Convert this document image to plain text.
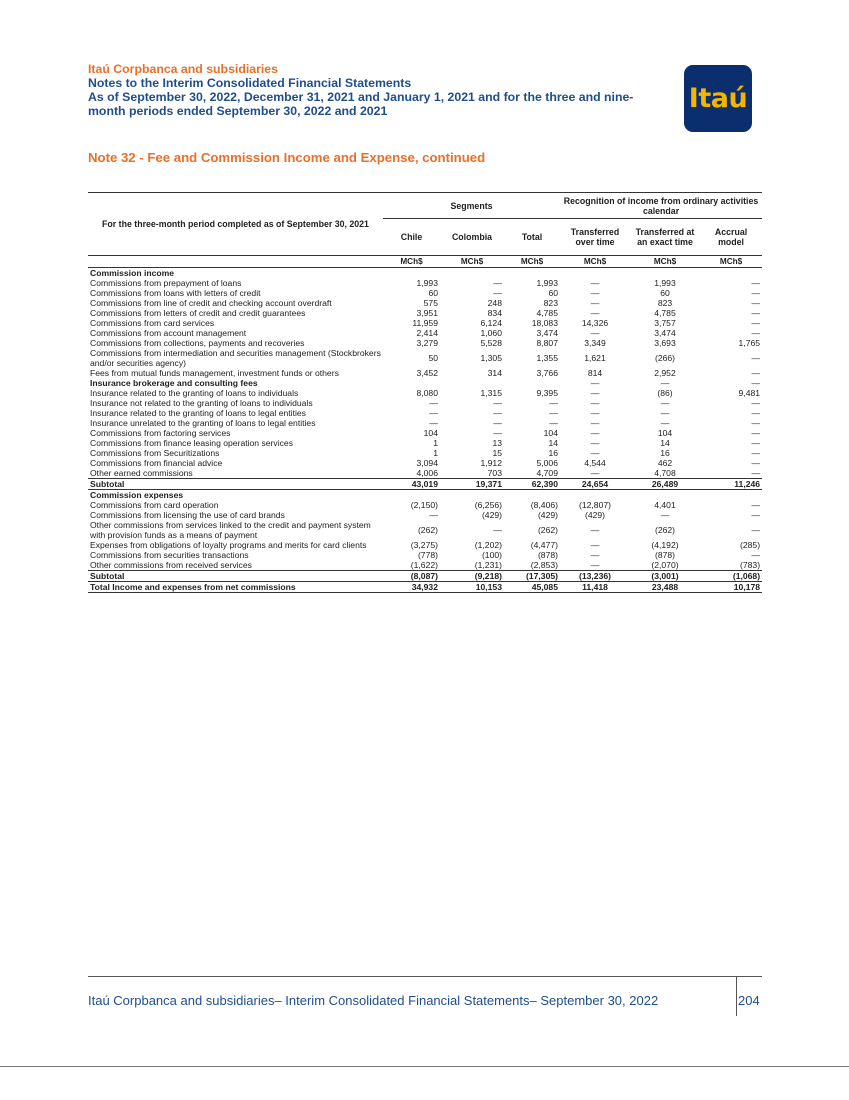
Itaú Corpbanca and subsidiaries
Notes to the Interim Consolidated Financial Statements
As of September 30, 2022, December 31, 2021 and January 1, 2021 and for the three and nine-
month periods ended September 30, 2022 and 2021	Itaú
Note 32 - Fee and Commission Income and Expense, continued

For the three-month period completed as of September 30, 2021	Segments			Recognition of income from ordinary activities calendar		
	Chile	Colombia	Total	Transferred over time	Transferred at an exact time	Accrual model
	MCh$	MCh$	MCh$	MCh$	MCh$	MCh$
Commission income						
Commissions from prepayment of loans	1,993	—	1,993	—	1,993	—
Commissions from loans with letters of credit	60	—	60	—	60	—
Commissions from line of credit and checking account overdraft	575	248	823	—	823	—
Commissions from letters of credit and credit guarantees	3,951	834	4,785	—	4,785	—
Commissions from card services	11,959	6,124	18,083	14,326	3,757	—
Commissions from account management	2,414	1,060	3,474	—	3,474	—
Commissions from collections, payments and recoveries	3,279	5,528	8,807	3,349	3,693	1,765
Commissions from intermediation and securities management (Stockbrokers and/or securities agency)	50	1,305	1,355	1,621	(266)	—
Fees from mutual funds management, investment funds or others	3,452	314	3,766	814	2,952	—
Insurance brokerage and consulting fees				—	—	—
Insurance related to the granting of loans to individuals	8,080	1,315	9,395	—	(86)	9,481
Insurance not related to the granting of loans to individuals	—	—	—	—	—	—
Insurance related to the granting of loans to legal entities	—	—	—	—	—	—
Insurance unrelated to the granting of loans to legal entities	—	—	—	—	—	—
Commissions from factoring services	104	—	104	—	104	—
Commissions from finance leasing operation services	1	13	14	—	14	—
Commissions from Securitizations	1	15	16	—	16	—
Commissions from financial advice	3,094	1,912	5,006	4,544	462	—
Other earned commissions	4,006	703	4,709	—	4,708	—
Subtotal	43,019	19,371	62,390	24,654	26,489	11,246
Commission expenses						
Commissions from card operation	(2,150)	(6,256)	(8,406)	(12,807)	4,401	—
Commissions from licensing the use of card brands	—	(429)	(429)	(429)	—	—
Other commissions from services linked to the credit and payment system with provision funds as a means of payment	(262)	—	(262)	—	(262)	—
Expenses from obligations of loyalty programs and merits for card clients	(3,275)	(1,202)	(4,477)	—	(4,192)	(285)
Commissions from securities transactions	(778)	(100)	(878)	—	(878)	—
Other commissions from received services	(1,622)	(1,231)	(2,853)	—	(2,070)	(783)
Subtotal	(8,087)	(9,218)	(17,305)	(13,236)	(3,001)	(1,068)
Total Income and expenses from net commissions	34,932	10,153	45,085	11,418	23,488	10,178
Itaú Corpbanca and subsidiaries– Interim Consolidated Financial Statements– September 30, 2022	204
